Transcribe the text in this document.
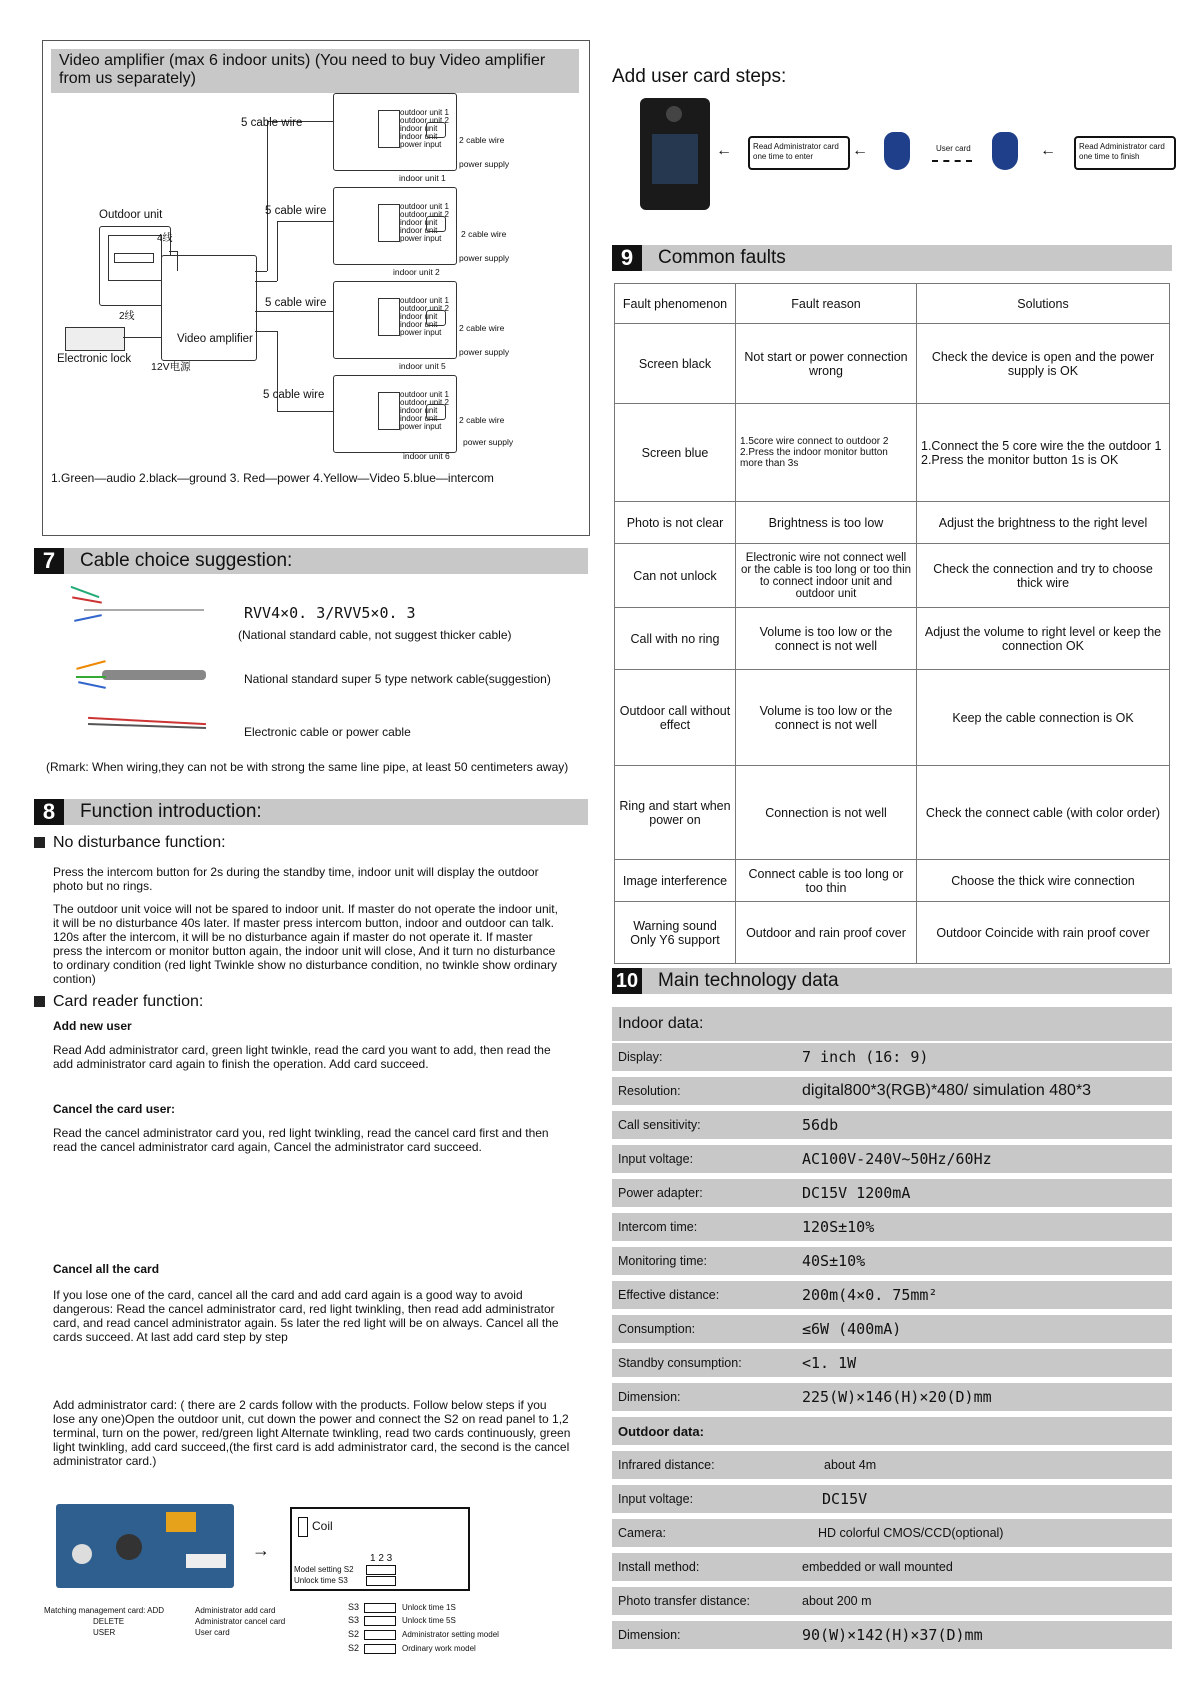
Video amplifier (max 6 indoor units) (You need to buy Video amplifier from us separately)
Outdoor unit
4线
2线
Electronic lock
Video amplifier
12V电源
5 cable wire
5 cable wire
5 cable wire
5 cable wire
outdoor unit 1
outdoor unit 2
indoor unit
indoor unit
power input 2 cable wire
power supply
indoor unit 1
outdoor unit 1
outdoor unit 2
indoor unit
indoor unit
power input 2 cable wire
power supply
indoor unit 2
outdoor unit 1
outdoor unit 2
indoor unit
indoor unit
power input 2 cable wire
power supply
indoor unit 5
outdoor unit 1
outdoor unit 2
indoor unit
indoor unit
power input
2 cable wire
power supply
indoor unit 6
1.Green—audio 2.black—ground 3. Red—power 4.Yellow—Video 5.blue—intercom
7	Cable choice suggestion:
RVV4×0. 3/RVV5×0. 3
(National standard cable, not suggest thicker cable)
National standard super 5 type network cable(suggestion)
Electronic cable or power cable
(Rmark: When wiring,they can not be with strong the same line pipe, at least 50 centimeters away)
8	Function introduction:
No disturbance function:
Press the intercom button for 2s during the standby time, indoor unit will display the outdoor photo but no rings.
The outdoor unit voice will not be spared to indoor unit. If master do not operate the indoor unit, it will be no disturbance 40s later. If master press intercom button, indoor and outdoor can talk. 120s after the intercom, it will be no disturbance again if master do not operate it. If master press the intercom or monitor button again, the indoor unit will close, And it turn no disturbance to ordinary condition (red light Twinkle show no disturbance condition, no twinkle show ordinary contion)
Card reader function:
Add new user
Read Add administrator card, green light twinkle, read the card you want to add, then read the add administrator card again to finish the operation. Add card succeed.
Cancel the card user:
Read the cancel administrator card you, red light twinkling, read the cancel card first and then read the cancel administrator card again, Cancel the administrator card succeed.
Cancel all the card
If you lose one of the card, cancel all the card and add card again is a good way to avoid dangerous: Read the cancel administrator card, red light twinkling, then read add administrator card, and read cancel administrator again. 5s later the red light will be on always. Cancel all the cards succeed. At last add card step by step
Add administrator card: ( there are 2 cards follow with the products. Follow below steps if you lose any one)Open the outdoor unit, cut down the power and connect the S2 on read panel to 1,2 terminal, turn on the power, red/green light Alternate twinkling, read two cards continuously, green light twinkling, add card succeed,(the first card is add administrator card, the second is the cancel administrator card.)
→
Coil
1 2 3
Model setting S2
Unlock time S3
Matching management card: ADD
DELETE
USER
Administrator add card
Administrator cancel card
User card
S3	Unlock time 1S
S3	Unlock time 5S
S2	Administrator setting model
S2	Ordinary work model
Add user card steps:
←	Read Administrator card one time to enter	←	User card	←	Read Administrator card one time to finish
9	Common faults
Fault phenomenon	Fault reason	Solutions
Screen black	Not start or power connection wrong	Check the device is open and the power supply is OK
Screen blue	1.5core wire connect to outdoor 2 2.Press the indoor monitor button more than 3s	1.Connect the 5 core wire the the outdoor 1 2.Press the monitor button 1s is OK
Photo is not clear	Brightness is too low	Adjust the brightness to the right level
Can not unlock	Electronic wire not connect well or the cable is too long or too thin to connect indoor unit and outdoor unit	Check the connection and try to choose thick wire
Call with no ring	Volume is too low or the connect is not well	Adjust the volume to right level or keep the connection OK
Outdoor call without effect	Volume is too low or the connect is not well	Keep the cable connection is OK
Ring and start when power on	Connection is not well	Check the connect cable (with color order)
Image interference	Connect cable is too long or too thin	Choose the thick wire connection
Warning sound Only Y6 support	Outdoor and rain proof cover	Outdoor Coincide with rain proof cover
10 Main technology data
Indoor data:
Display:	7 inch (16: 9)
Resolution:	digital800*3(RGB)*480/ simulation 480*3
Call sensitivity:	56db
Input voltage:	AC100V-240V~50Hz/60Hz
Power adapter:	DC15V 1200mA
Intercom time:	120S±10%
Monitoring time:	40S±10%
Effective distance:	200m(4×0. 75mm²
Consumption:	≤6W (400mA)
Standby consumption:	<1. 1W
Dimension:	225(W)×146(H)×20(D)mm
Outdoor data:
Infrared distance:	about 4m
Input voltage:	DC15V
Camera:	HD colorful CMOS/CCD(optional)
Install method:	embedded or wall mounted
Photo transfer distance:	about 200 m
Dimension:	90(W)×142(H)×37(D)mm
